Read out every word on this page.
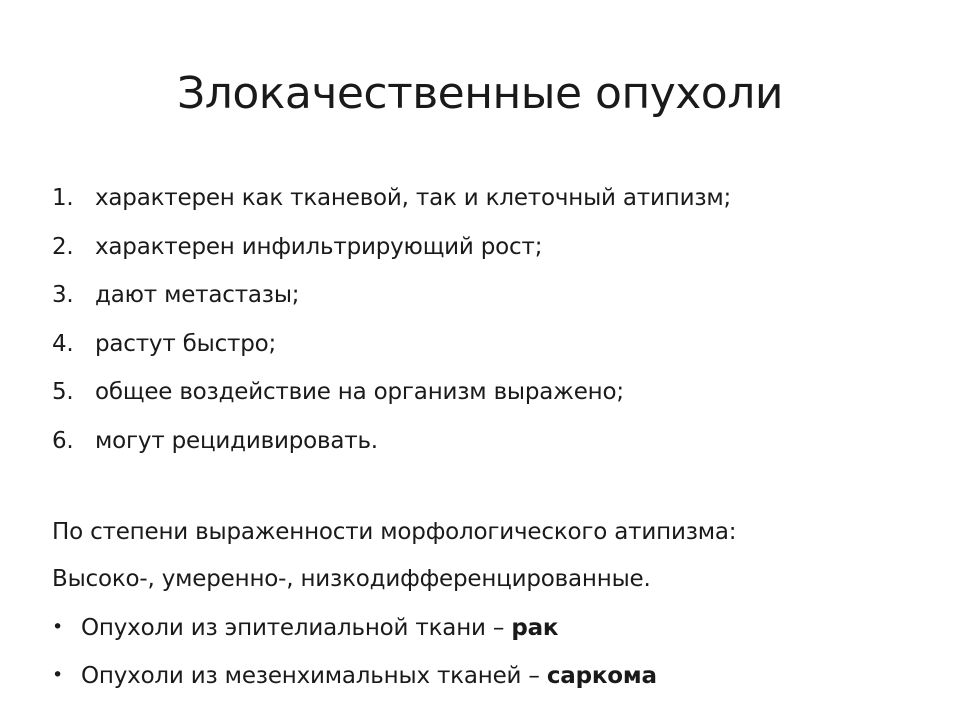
Злокачественные опухоли
1. характерен как тканевой, так и клеточный атипизм;
2. характерен инфильтрирующий рост;
3. дают метастазы;
4. растут быстро;
5. общее воздействие на организм выражено;
6. могут рецидивировать.

По степени выраженности морфологического атипизма:

Высоко-, умеренно-, низкодифференцированные.

• Опухоли из эпителиальной ткани – рак
• Опухоли из мезенхимальных тканей – саркома
